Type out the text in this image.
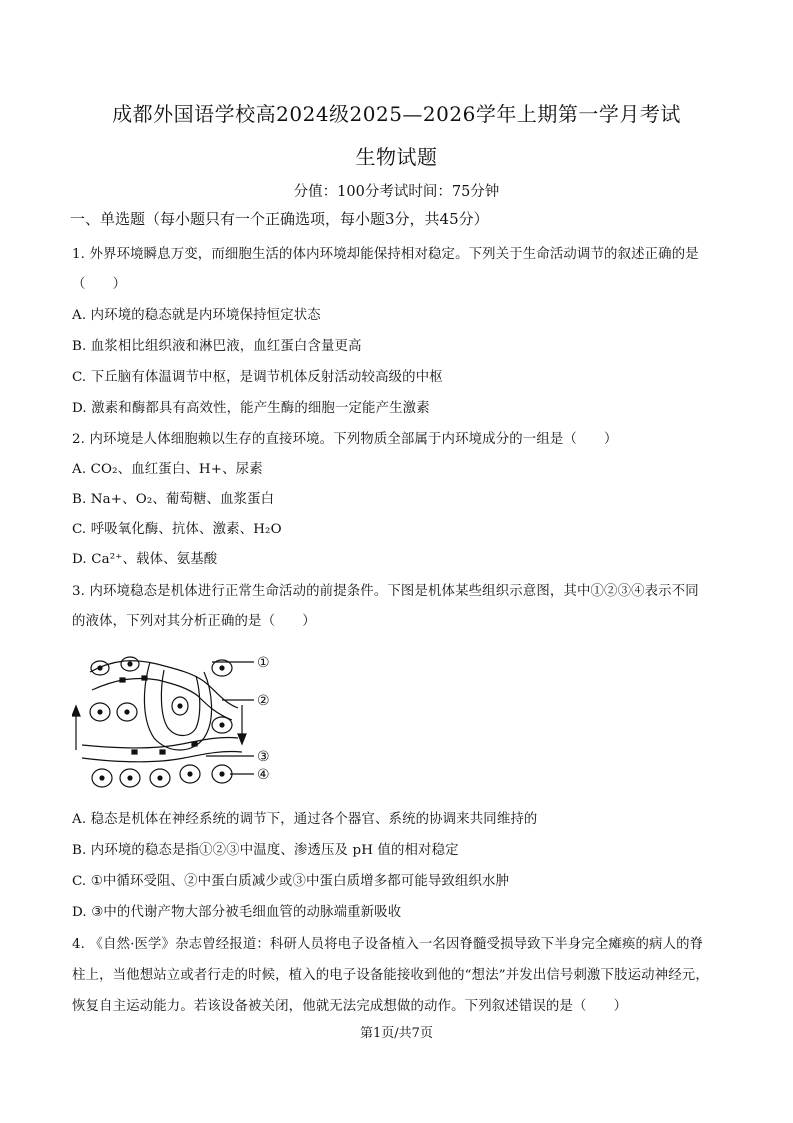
成都外国语学校高2024级2025—2026学年上期第一学月考试
生物试题
分值：100分考试时间：75分钟
一、单选题（每小题只有一个正确选项，每小题3分，共45分）
1. 外界环境瞬息万变，而细胞生活的体内环境却能保持相对稳定。下列关于生命活动调节的叙述正确的是
（　　）
A. 内环境的稳态就是内环境保持恒定状态
B. 血浆相比组织液和淋巴液，血红蛋白含量更高
C. 下丘脑有体温调节中枢，是调节机体反射活动较高级的中枢
D. 激素和酶都具有高效性，能产生酶的细胞一定能产生激素
2. 内环境是人体细胞赖以生存的直接环境。下列物质全部属于内环境成分的一组是（　　）
A. CO₂、血红蛋白、H+、尿素
B. Na+、O₂、葡萄糖、血浆蛋白
C. 呼吸氧化酶、抗体、激素、H₂O
D. Ca²⁺、载体、氨基酸
3. 内环境稳态是机体进行正常生命活动的前提条件。下图是机体某些组织示意图，其中①②③④表示不同
的液体，下列对其分析正确的是（　　）
①
②
③
④
A. 稳态是机体在神经系统的调节下，通过各个器官、系统的协调来共同维持的
B. 内环境的稳态是指①②③中温度、渗透压及 pH 值的相对稳定
C. ①中循环受阻、②中蛋白质减少或③中蛋白质增多都可能导致组织水肿
D. ③中的代谢产物大部分被毛细血管的动脉端重新吸收
4. 《自然·医学》杂志曾经报道：科研人员将电子设备植入一名因脊髓受损导致下半身完全瘫痪的病人的脊
柱上，当他想站立或者行走的时候，植入的电子设备能接收到他的“想法”并发出信号刺激下肢运动神经元，
恢复自主运动能力。若该设备被关闭，他就无法完成想做的动作。下列叙述错误的是（　　）
第1页/共7页
